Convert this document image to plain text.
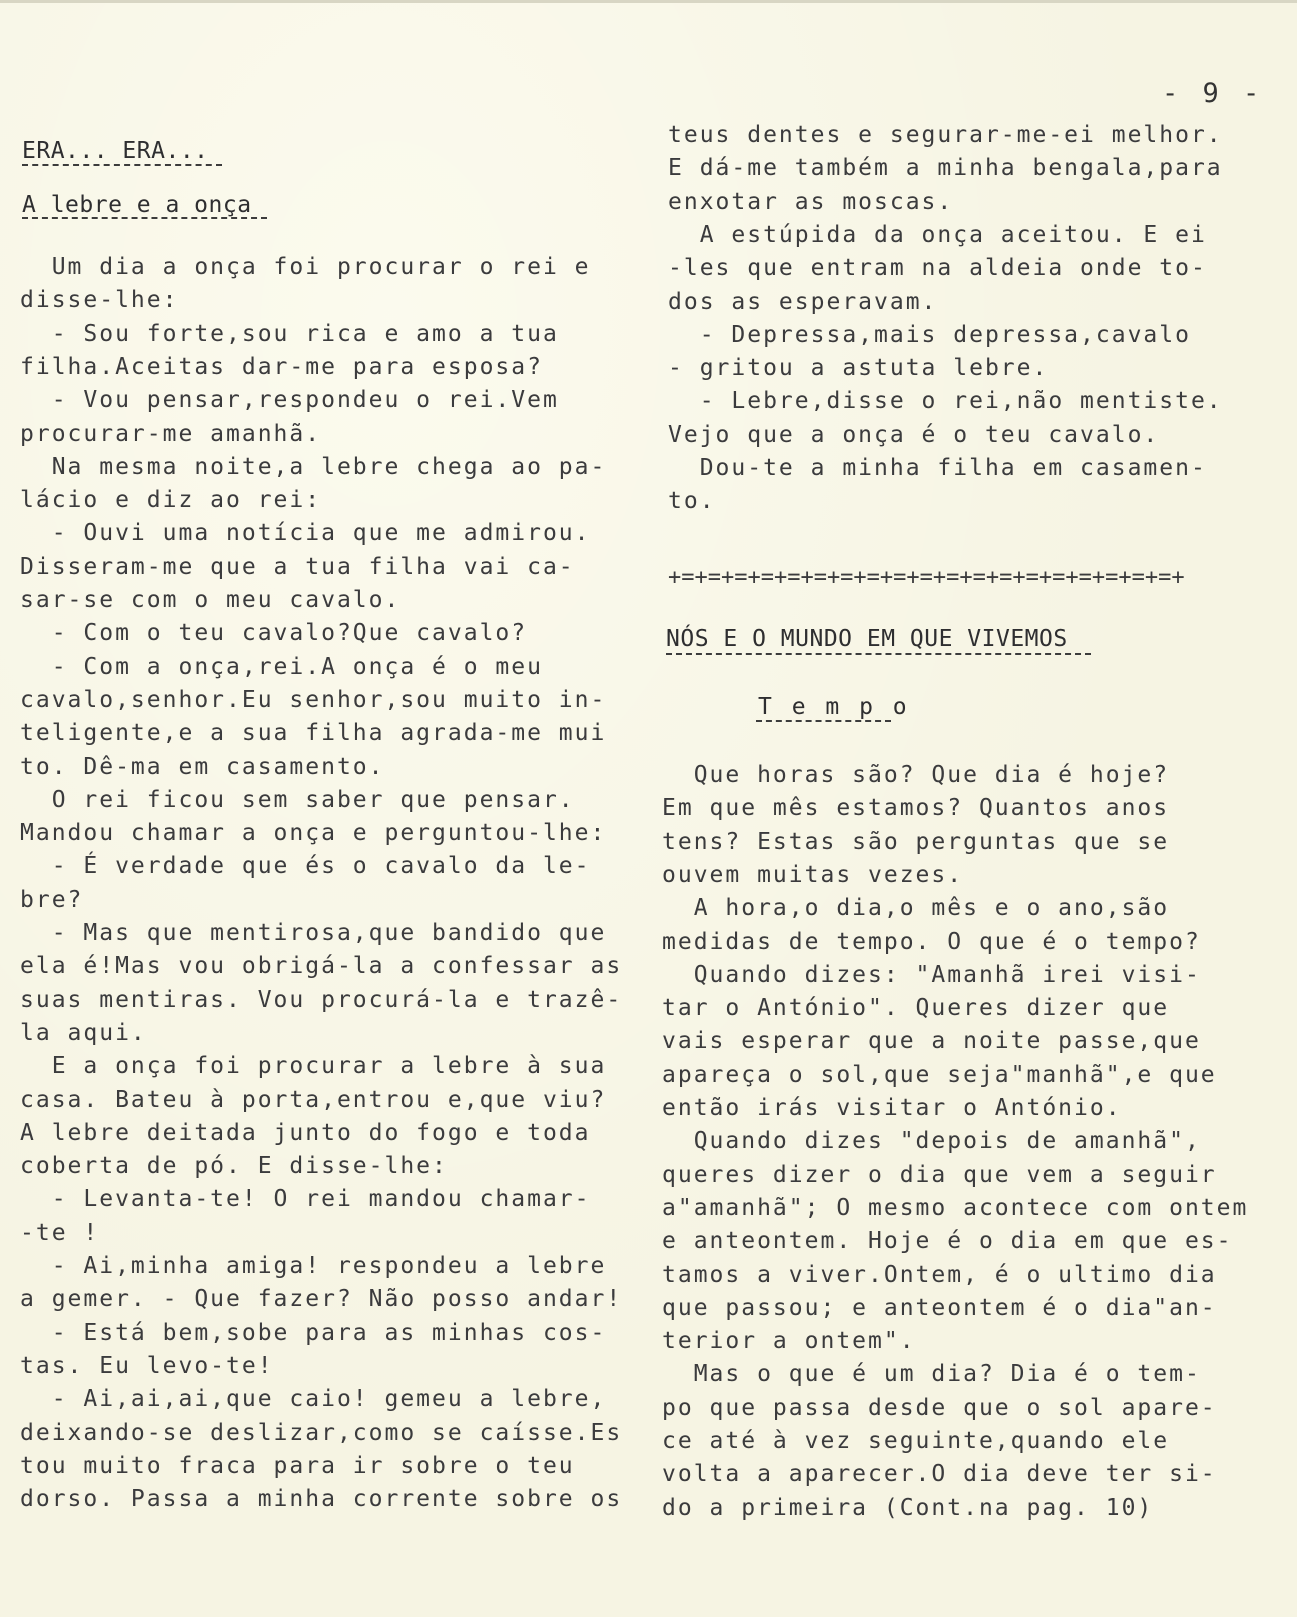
- 9 -
ERA... ERA...
A lebre e a onça
Um dia a onça foi procurar o rei e
disse-lhe:
- Sou forte,sou rica e amo a tua
filha.Aceitas dar-me para esposa?
- Vou pensar,respondeu o rei.Vem
procurar-me amanhã.
Na mesma noite,a lebre chega ao pa-
lácio e diz ao rei:
- Ouvi uma notícia que me admirou.
Disseram-me que a tua filha vai ca-
sar-se com o meu cavalo.
- Com o teu cavalo?Que cavalo?
- Com a onça,rei.A onça é o meu
cavalo,senhor.Eu senhor,sou muito in-
teligente,e a sua filha agrada-me mui
to. Dê-ma em casamento.
O rei ficou sem saber que pensar.
Mandou chamar a onça e perguntou-lhe:
- É verdade que és o cavalo da le-
bre?
- Mas que mentirosa,que bandido que
ela é!Mas vou obrigá-la a confessar as
suas mentiras. Vou procurá-la e trazê-
la aqui.
E a onça foi procurar a lebre à sua
casa. Bateu à porta,entrou e,que viu?
A lebre deitada junto do fogo e toda
coberta de pó. E disse-lhe:
- Levanta-te! O rei mandou chamar-
-te !
- Ai,minha amiga! respondeu a lebre
a gemer. - Que fazer? Não posso andar!
- Está bem,sobe para as minhas cos-
tas. Eu levo-te!
- Ai,ai,ai,que caio! gemeu a lebre,
deixando-se deslizar,como se caísse.Es
tou muito fraca para ir sobre o teu
dorso. Passa a minha corrente sobre os
teus dentes e segurar-me-ei melhor.
E dá-me também a minha bengala,para
enxotar as moscas.
A estúpida da onça aceitou. E ei
-les que entram na aldeia onde to-
dos as esperavam.
- Depressa,mais depressa,cavalo
- gritou a astuta lebre.
- Lebre,disse o rei,não mentiste.
Vejo que a onça é o teu cavalo.
Dou-te a minha filha em casamen-
to.
+=+=+=+=+=+=+=+=+=+=+=+=+=+=+=+=+=+=+=+
NÓS E O MUNDO EM QUE VIVEMOS
T e m p o
Que horas são? Que dia é hoje?
Em que mês estamos? Quantos anos
tens? Estas são perguntas que se
ouvem muitas vezes.
A hora,o dia,o mês e o ano,são
medidas de tempo. O que é o tempo?
Quando dizes: "Amanhã irei visi-
tar o António". Queres dizer que
vais esperar que a noite passe,que
apareça o sol,que seja"manhã",e que
então irás visitar o António.
Quando dizes "depois de amanhã",
queres dizer o dia que vem a seguir
a"amanhã"; O mesmo acontece com ontem
e anteontem. Hoje é o dia em que es-
tamos a viver.Ontem, é o ultimo dia
que passou; e anteontem é o dia"an-
terior a ontem".
Mas o que é um dia? Dia é o tem-
po que passa desde que o sol apare-
ce até à vez seguinte,quando ele
volta a aparecer.O dia deve ter si-
do a primeira (Cont.na pag. 10)
